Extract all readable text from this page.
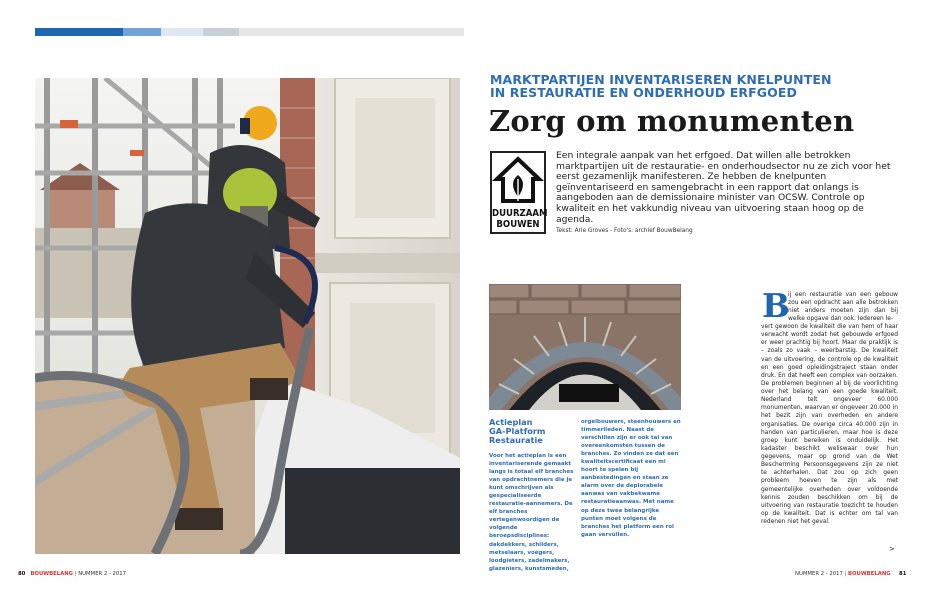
MARKTPARTIJEN INVENTARISEREN KNELPUNTEN
IN RESTAURATIE EN ONDERHOUD ERFGOED
Zorg om monumenten
DUURZAAM
BOUWEN
Een integrale aanpak van het erfgoed. Dat willen alle betrokken marktpartijen uit de restauratie- en onderhoudsector nu ze zich voor het eerst gezamenlijk manifesteren. Ze hebben de knelpunten geïnventariseerd en samengebracht in een rapport dat onlangs is aangeboden aan de demissionaire minister van OCSW. Controle op kwaliteit en het vakkundig niveau van uitvoering staan hoog op de agenda.
Tekst: Arie Groves - Foto's: archief BouwBelang
Actieplan
GA-Platform
Restauratie
Voor het actieplan is een inventariserende gemaakt langs is totaal elf branches van opdrachtnemers die je kunt omschrijven als gespecialiseerde restauratie-aannemers. De elf branches vertegenwoordigen de volgende beroepsdisciplines: dakdekkers, schilders, metselaars, voegers, loodgieters, zadelmakers, glazeniers, kunstsmeden,
orgelbouwers, steenhouwers en timmerlieden. Naast de verschillen zijn er ook tal van overeenkomsten tussen de branches. Zo vinden ze dat een kwaliteitscertificaat een mi hoort te spelen bij aanbestedingen en staan ze alarm over de deplorabele aanwas van vakbekwame restauratieaanwas. Met name op deze twee belangrijke punten moet volgens de branches het platform een rol gaan vervullen.
B
ij een restauratie van een gebouw zou een opdracht aan alle betrokken niet anders moeten zijn dan bij welke opgave dan ook. Iedereen le-
vert gewoon de kwaliteit die van hem of haar verwacht wordt zodat het gebouwde erfgoed er weer prachtig bij hoort. Maar de praktijk is – zoals zo vaak – weerbarstig. De kwaliteit van de uitvoering, de controle op de kwaliteit en een goed opleidingstraject staan onder druk. En dat heeft een complex van oorzaken. De problemen beginnen al bij de voorlichting over het belang van een goede kwaliteit. Nederland telt ongeveer 60.000 monumenten, waarvan er ongeveer 20.000 in het bezit zijn van overheden en andere organisaties. De overige circa 40.000 zijn in handen van particulieren, maar hoe is deze groep kunt bereiken is onduidelijk. Het kadaster beschikt weliswaar over hun gegevens, maar op grond van de Wet Bescherming Persoonsgegevens zijn ze niet te achterhalen. Dat zou op zich geen probleem hoeven te zijn als met gemeentelijke overheden over voldoende kennis zouden beschikken om bij de uitvoering van restauratie toezicht te houden op de kwaliteit. Dat is echter om tal van redenen niet het geval.
>
80 BOUWBELANG | NUMMER 2 - 2017	NUMMER 2 - 2017 | BOUWBELANG 81
